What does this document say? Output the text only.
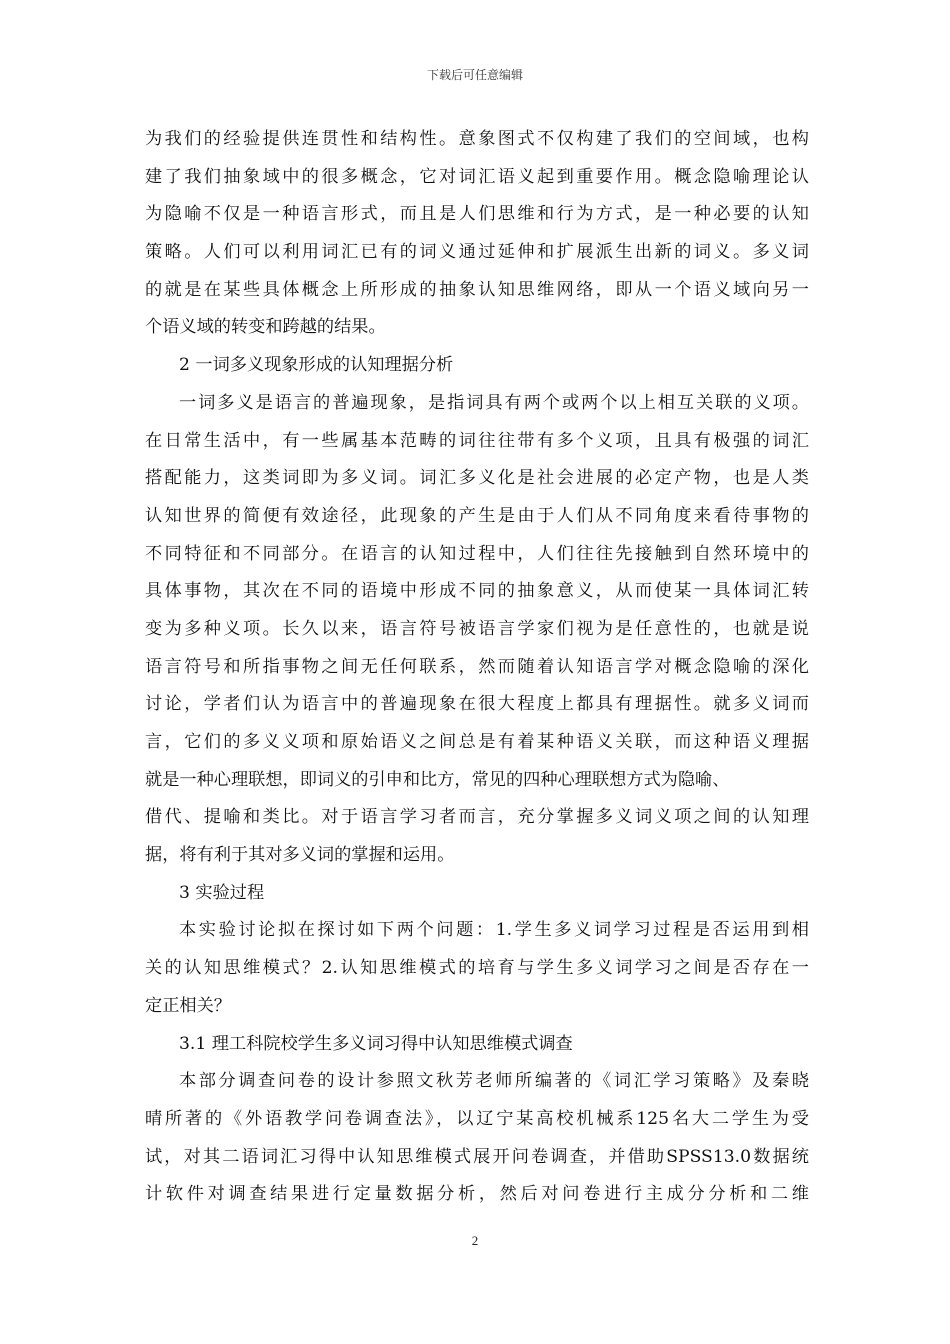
下载后可任意编辑
为我们的经验提供连贯性和结构性。意象图式不仅构建了我们的空间域，也构
建了我们抽象域中的很多概念，它对词汇语义起到重要作用。概念隐喻理论认
为隐喻不仅是一种语言形式，而且是人们思维和行为方式，是一种必要的认知
策略。人们可以利用词汇已有的词义通过延伸和扩展派生出新的词义。多义词
的就是在某些具体概念上所形成的抽象认知思维网络，即从一个语义域向另一
个语义域的转变和跨越的结果。
2 一词多义现象形成的认知理据分析
一词多义是语言的普遍现象，是指词具有两个或两个以上相互关联的义项。
在日常生活中，有一些属基本范畴的词往往带有多个义项，且具有极强的词汇
搭配能力，这类词即为多义词。词汇多义化是社会进展的必定产物，也是人类
认知世界的简便有效途径，此现象的产生是由于人们从不同角度来看待事物的
不同特征和不同部分。在语言的认知过程中，人们往往先接触到自然环境中的
具体事物，其次在不同的语境中形成不同的抽象意义，从而使某一具体词汇转
变为多种义项。长久以来，语言符号被语言学家们视为是任意性的，也就是说
语言符号和所指事物之间无任何联系，然而随着认知语言学对概念隐喻的深化
讨论，学者们认为语言中的普遍现象在很大程度上都具有理据性。就多义词而
言，它们的多义义项和原始语义之间总是有着某种语义关联，而这种语义理据
就是一种心理联想，即词义的引申和比方，常见的四种心理联想方式为隐喻、
借代、提喻和类比。对于语言学习者而言，充分掌握多义词义项之间的认知理
据，将有利于其对多义词的掌握和运用。
3 实验过程
本实验讨论拟在探讨如下两个问题：1.学生多义词学习过程是否运用到相
关的认知思维模式？2.认知思维模式的培育与学生多义词学习之间是否存在一
定正相关？
3.1 理工科院校学生多义词习得中认知思维模式调查
本部分调查问卷的设计参照文秋芳老师所编著的《词汇学习策略》及秦晓
晴所著的《外语教学问卷调查法》，以辽宁某高校机械系125名大二学生为受
试，对其二语词汇习得中认知思维模式展开问卷调查，并借助SPSS13.0数据统
计软件对调查结果进行定量数据分析，然后对问卷进行主成分分析和二维
2
